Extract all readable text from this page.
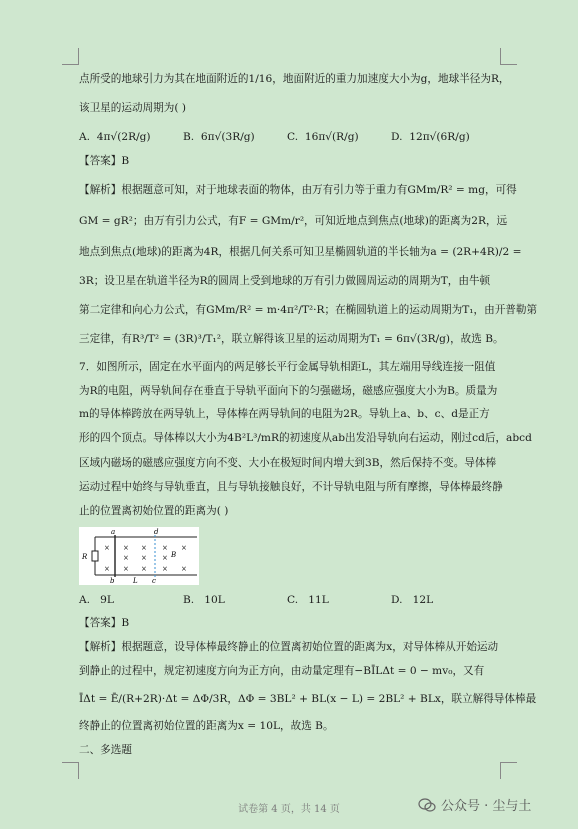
点所受的地球引力为其在地面附近的1/16，地面附近的重力加速度大小为g，地球半径为R，
该卫星的运动周期为( )
A. 4π√(2R/g)	B. 6π√(3R/g)	C. 16π√(R/g)	D. 12π√(6R/g)
【答案】B
【解析】根据题意可知，对于地球表面的物体，由万有引力等于重力有GMm/R² = mg，可得
GM = gR²；由万有引力公式，有F = GMm/r²，可知近地点到焦点(地球)的距离为2R，远
地点到焦点(地球)的距离为4R，根据几何关系可知卫星椭圆轨道的半长轴为a = (2R+4R)/2 =
3R；设卫星在轨道半径为R的圆周上受到地球的万有引力做圆周运动的周期为T，由牛顿
第二定律和向心力公式，有GMm/R² = m·4π²/T²·R；在椭圆轨道上的运动周期为T₁，由开普勒第
三定律，有R³/T² = (3R)³/T₁²，联立解得该卫星的运动周期为T₁ = 6π√(3R/g)，故选 B。
7．如图所示，固定在水平面内的两足够长平行金属导轨相距L，其左端用导线连接一阻值
为R的电阻，两导轨间存在垂直于导轨平面向下的匀强磁场，磁感应强度大小为B。质量为
m的导体棒跨放在两导轨上，导体棒在两导轨间的电阻为2R。导轨上a、b、c、d是正方
形的四个顶点。导体棒以大小为4B²L³/mR的初速度从ab出发沿导轨向右运动，刚过cd后，abcd
区域内磁场的磁感应强度方向不变、大小在极短时间内增大到3B，然后保持不变。导体棒
运动过程中始终与导轨垂直，且与导轨接触良好，不计导轨电阻与所有摩擦，导体棒最终静
止的位置离初始位置的距离为( )
a	d
b	L c
R	B
× × × × ×
× × ×
× × × × ×
A. 9L	B. 10L	C. 11L	D. 12L
【答案】B
【解析】根据题意，设导体棒最终静止的位置离初始位置的距离为x，对导体棒从开始运动
到静止的过程中，规定初速度方向为正方向，由动量定理有−BĪLΔt = 0 − mv₀，又有
ĪΔt = Ē/(R+2R)·Δt = ΔΦ/3R，ΔΦ = 3BL² + BL(x − L) = 2BL² + BLx，联立解得导体棒最
终静止的位置离初始位置的距离为x = 10L，故选 B。
二、多选题
试卷第 4 页，共 14 页	公众号 · 尘与土
